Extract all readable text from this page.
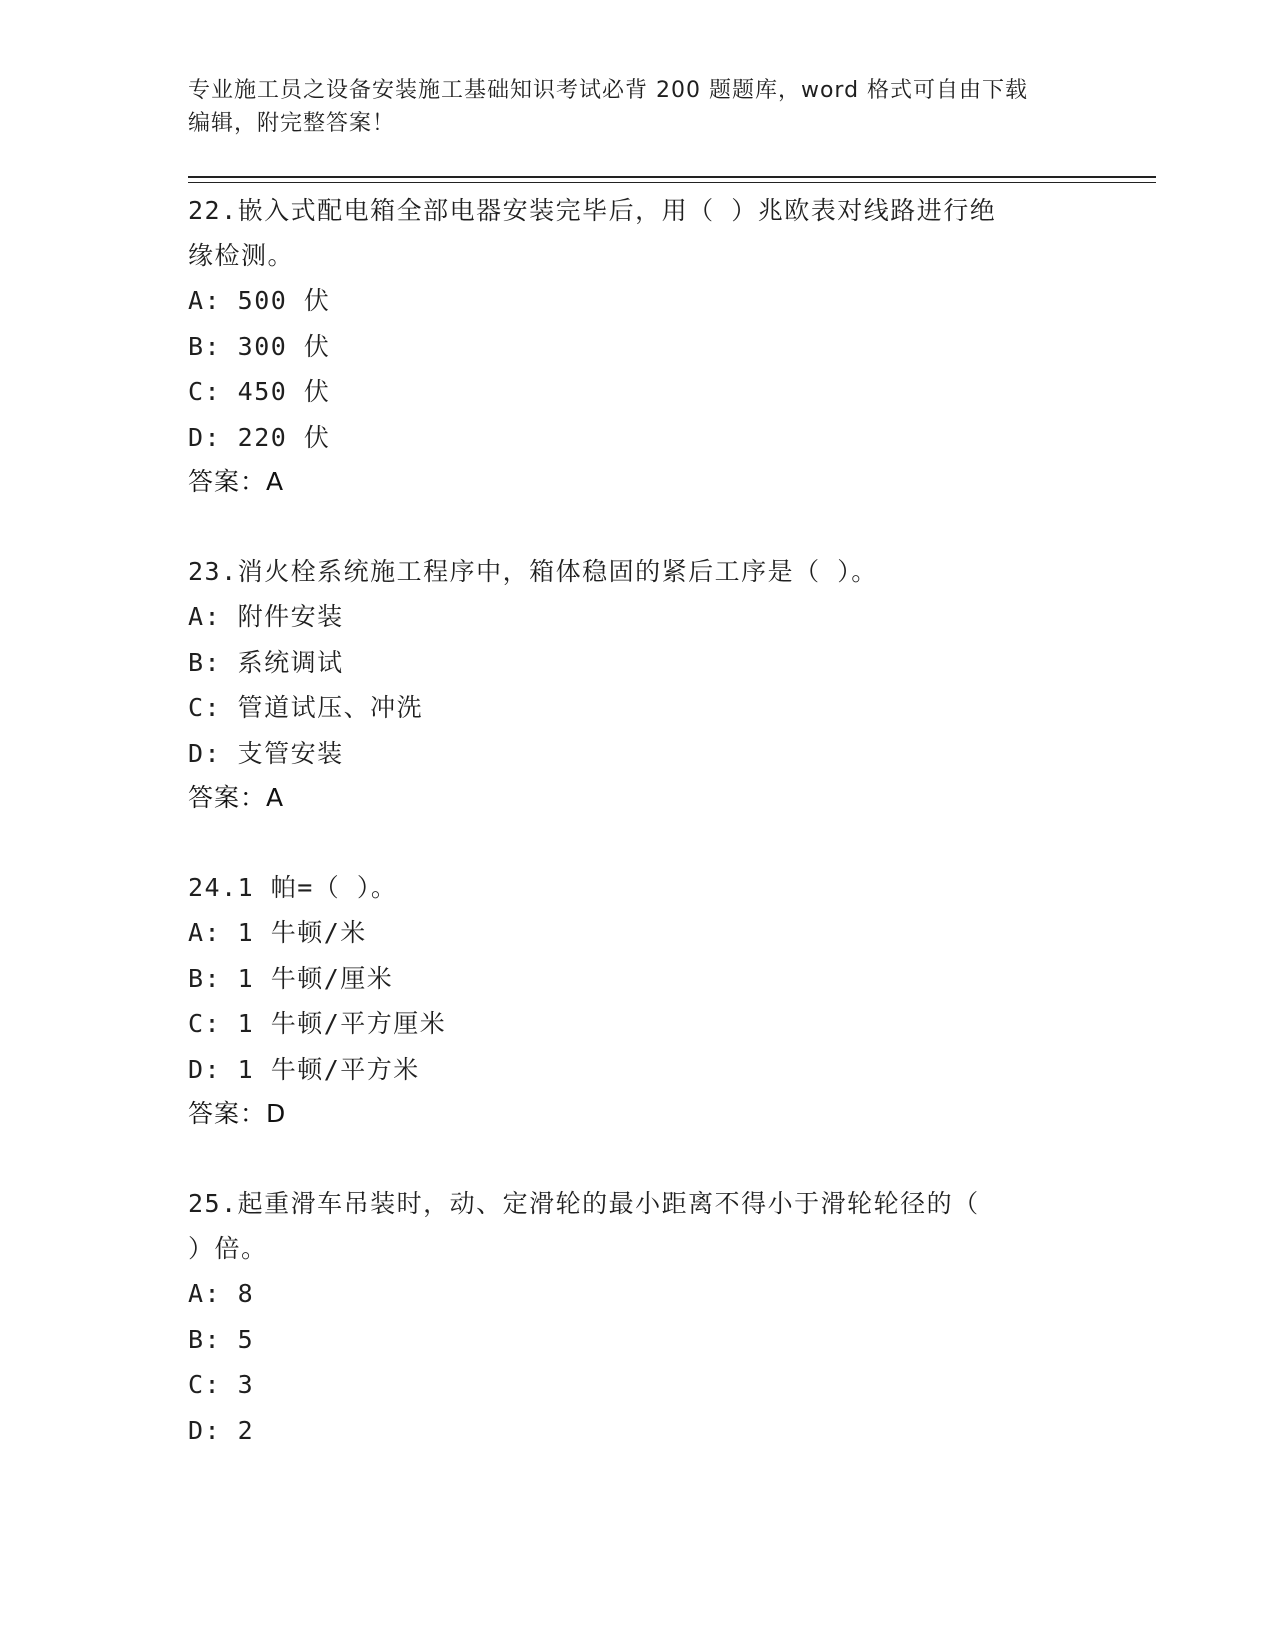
专业施工员之设备安装施工基础知识考试必背 200 题题库，word 格式可自由下载
编辑，附完整答案！
22.嵌入式配电箱全部电器安装完毕后，用（ ）兆欧表对线路进行绝
缘检测。
A: 500 伏
B: 300 伏
C: 450 伏
D: 220 伏
答案：A
23.消火栓系统施工程序中，箱体稳固的紧后工序是（ ）。
A: 附件安装
B: 系统调试
C: 管道试压、冲洗
D: 支管安装
答案：A
24.1 帕=（ ）。
A: 1 牛顿/米
B: 1 牛顿/厘米
C: 1 牛顿/平方厘米
D: 1 牛顿/平方米
答案：D
25.起重滑车吊装时，动、定滑轮的最小距离不得小于滑轮轮径的（
）倍。
A: 8
B: 5
C: 3
D: 2
